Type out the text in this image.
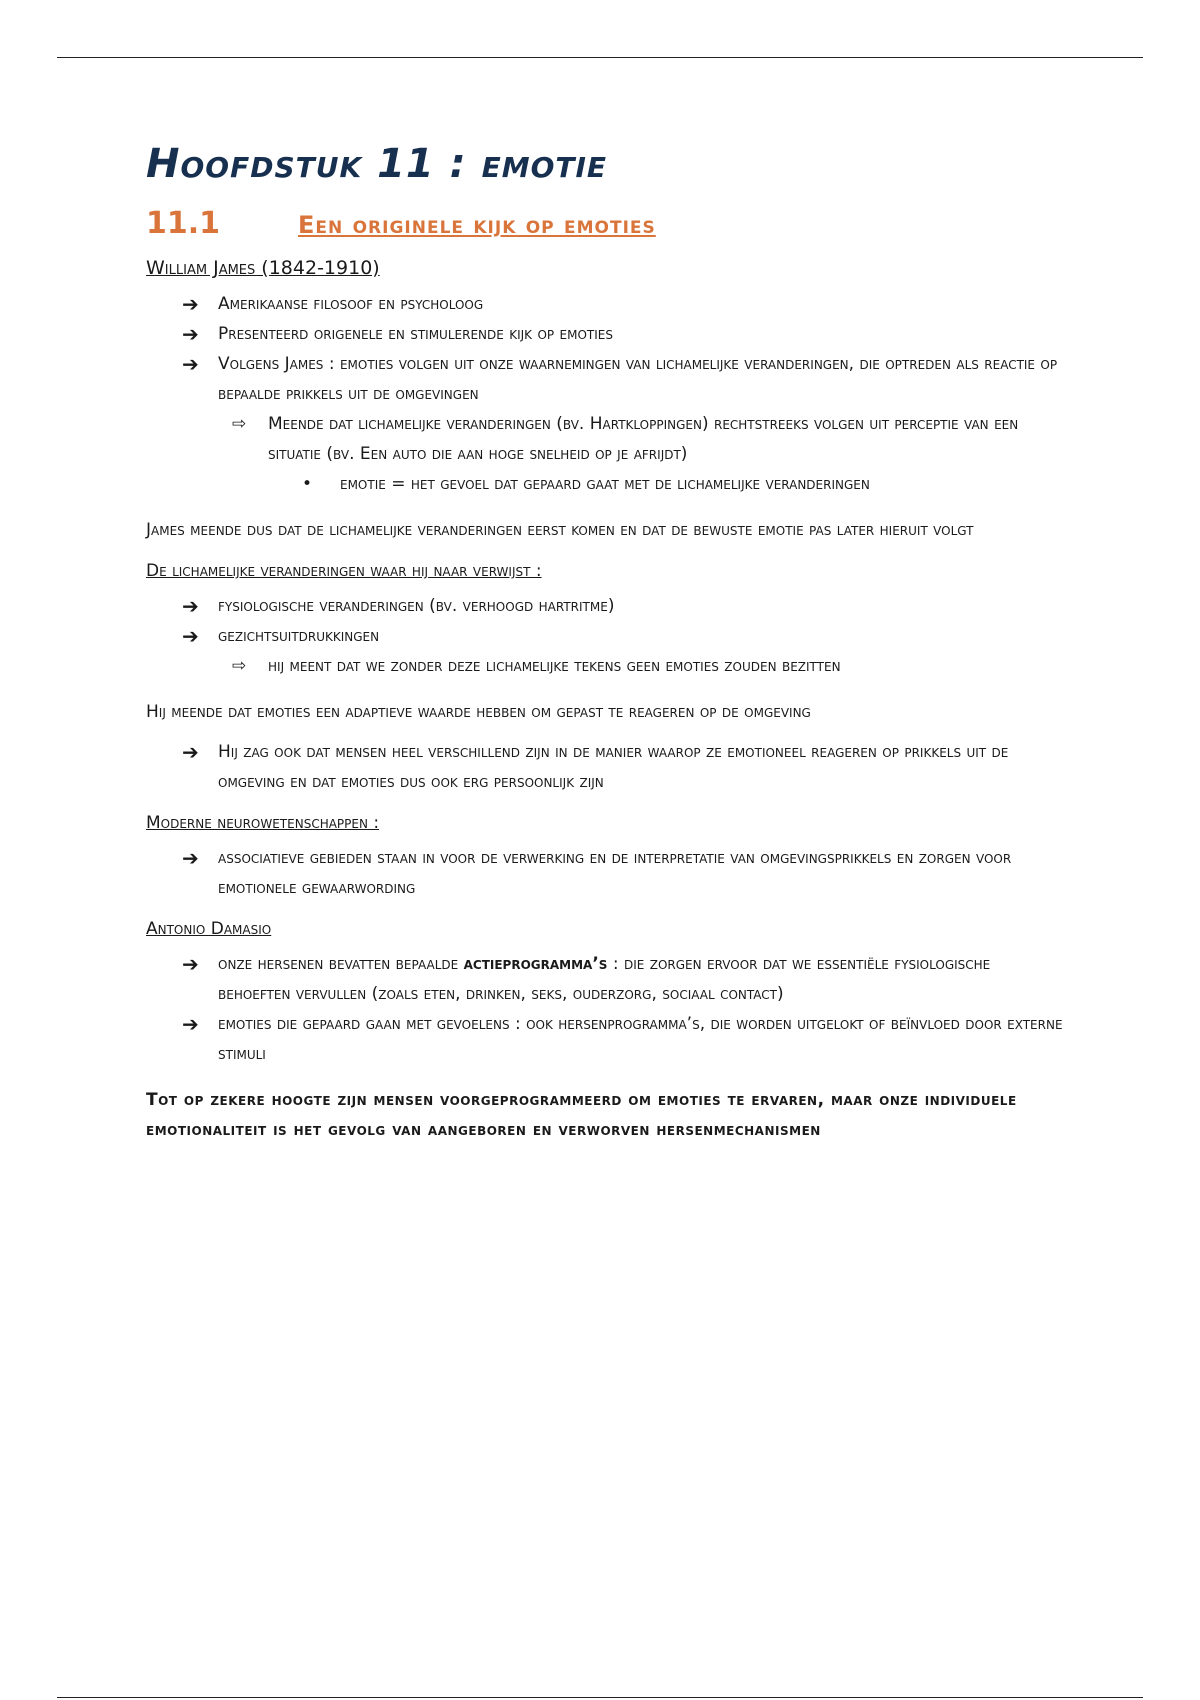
Hoofdstuk 11 : emotie
11.1	Een originele kijk op emoties

William James (1842-1910)

➔ Amerikaanse filosoof en psycholoog
➔ Presenteerd origenele en stimulerende kijk op emoties
➔ Volgens James : emoties volgen uit onze waarnemingen van lichamelijke veranderingen, die optreden als reactie op bepaalde prikkels uit de omgevingen
⇨ Meende dat lichamelijke veranderingen (bv. Hartkloppingen) rechtstreeks volgen uit perceptie van een situatie (bv. Een auto die aan hoge snelheid op je afrijdt)
• emotie = het gevoel dat gepaard gaat met de lichamelijke veranderingen

James meende dus dat de lichamelijke veranderingen eerst komen en dat de bewuste emotie pas later hieruit volgt

De lichamelijke veranderingen waar hij naar verwijst :

➔ fysiologische veranderingen (bv. verhoogd hartritme)
➔ gezichtsuitdrukkingen
⇨ hij meent dat we zonder deze lichamelijke tekens geen emoties zouden bezitten

Hij meende dat emoties een adaptieve waarde hebben om gepast te reageren op de omgeving

➔ Hij zag ook dat mensen heel verschillend zijn in de manier waarop ze emotioneel reageren op prikkels uit de omgeving en dat emoties dus ook erg persoonlijk zijn

Moderne neurowetenschappen :

➔ associatieve gebieden staan in voor de verwerking en de interpretatie van omgevingsprikkels en zorgen voor emotionele gewaarwording

Antonio Damasio

➔ onze hersenen bevatten bepaalde actieprogramma’s : die zorgen ervoor dat we essentiële fysiologische behoeften vervullen (zoals eten, drinken, seks, ouderzorg, sociaal contact)
➔ emoties die gepaard gaan met gevoelens : ook hersenprogramma’s, die worden uitgelokt of beïnvloed door externe stimuli

Tot op zekere hoogte zijn mensen voorgeprogrammeerd om emoties te ervaren, maar onze individuele emotionaliteit is het gevolg van aangeboren en verworven hersenmechanismen
